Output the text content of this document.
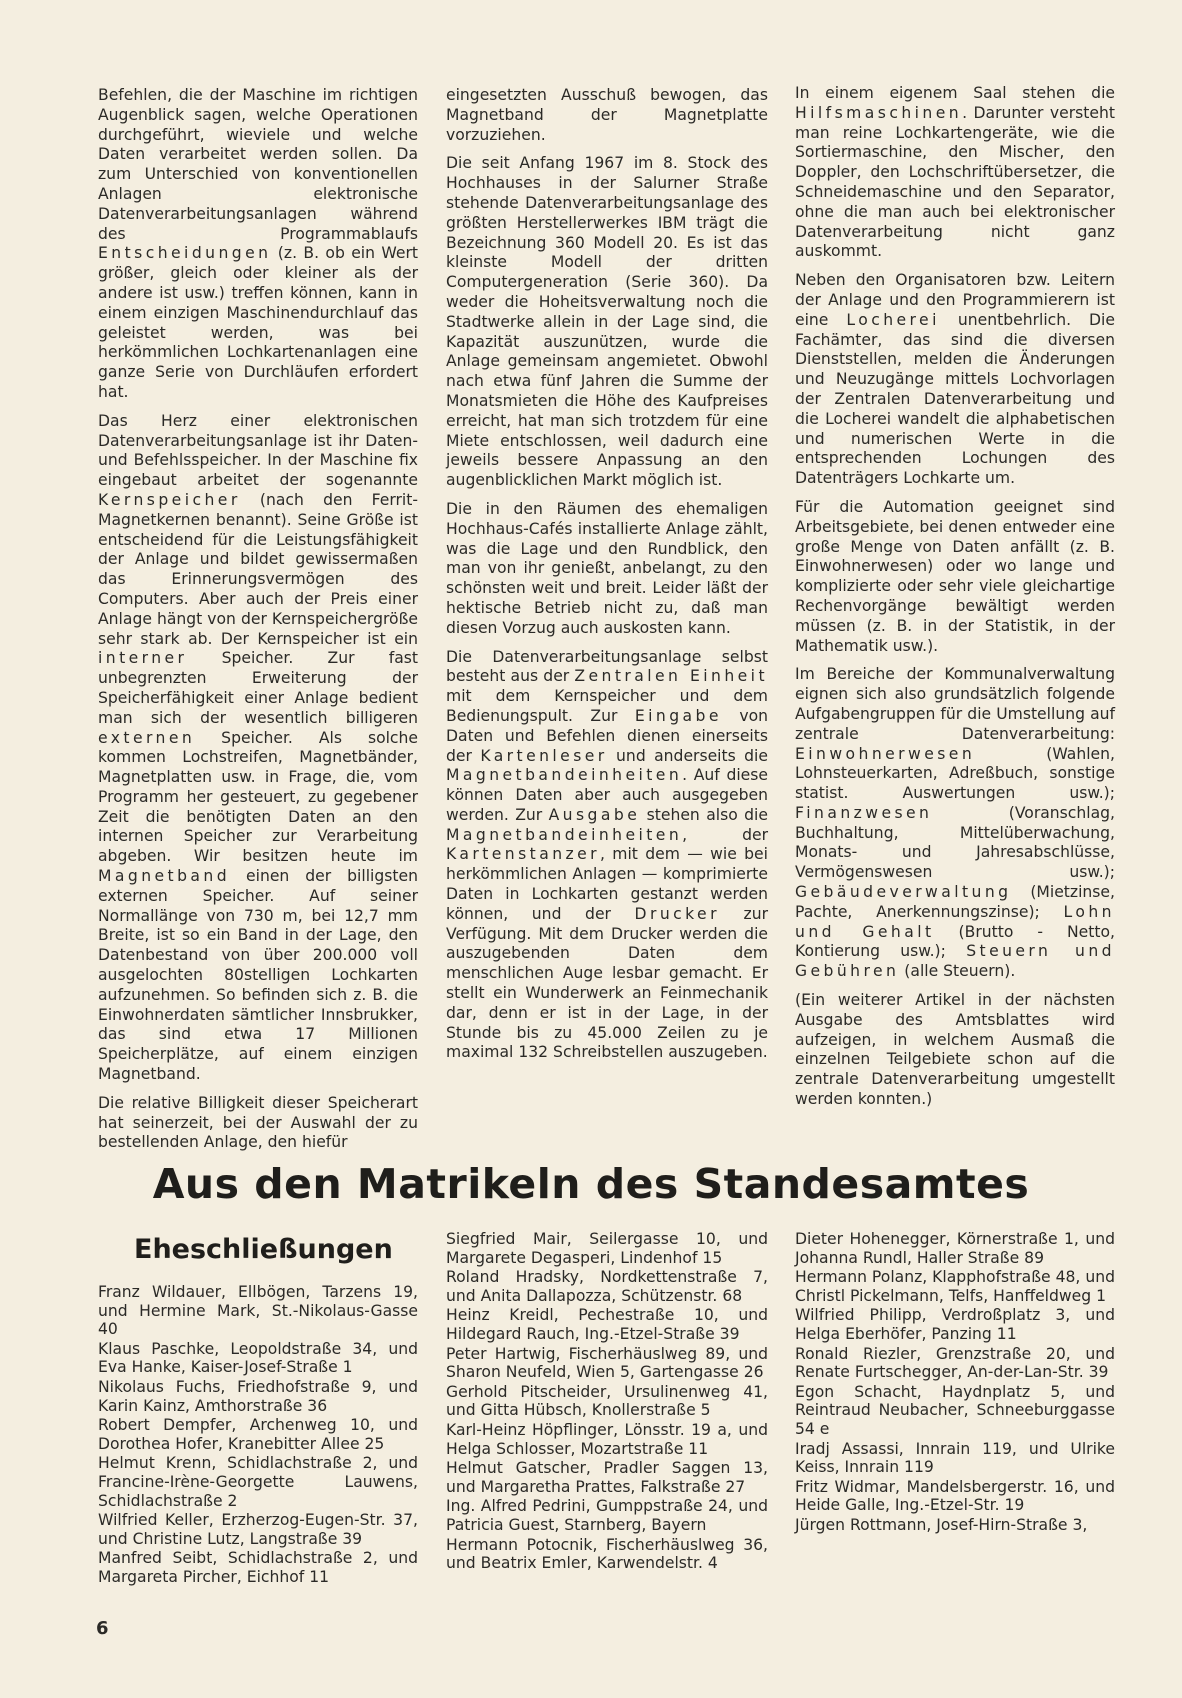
Befehlen, die der Maschine im richtigen Augenblick sagen, welche Operationen durchgeführt, wieviele und welche Daten verarbeitet werden sollen. Da zum Unterschied von konventionellen Anlagen elektronische Datenverarbeitungsanlagen während des Programmablaufs Entscheidungen (z. B. ob ein Wert größer, gleich oder kleiner als der andere ist usw.) treffen können, kann in einem einzigen Maschinendurchlauf das geleistet werden, was bei herkömmlichen Lochkartenanlagen eine ganze Serie von Durchläufen erfordert hat.

Das Herz einer elektronischen Datenverarbeitungsanlage ist ihr Daten- und Befehlsspeicher. In der Maschine fix eingebaut arbeitet der sogenannte Kernspeicher (nach den Ferrit-Magnetkernen benannt). Seine Größe ist entscheidend für die Leistungsfähigkeit der Anlage und bildet gewissermaßen das Erinnerungsvermögen des Computers. Aber auch der Preis einer Anlage hängt von der Kernspeichergröße sehr stark ab. Der Kernspeicher ist ein interner Speicher. Zur fast unbegrenzten Erweiterung der Speicherfähigkeit einer Anlage bedient man sich der wesentlich billigeren externen Speicher. Als solche kommen Lochstreifen, Magnetbänder, Magnetplatten usw. in Frage, die, vom Programm her gesteuert, zu gegebener Zeit die benötigten Daten an den internen Speicher zur Verarbeitung abgeben. Wir besitzen heute im Magnetband einen der billigsten externen Speicher. Auf seiner Normallänge von 730 m, bei 12,7 mm Breite, ist so ein Band in der Lage, den Datenbestand von über 200.000 voll ausgelochten 80stelligen Lochkarten aufzunehmen. So befinden sich z. B. die Einwohnerdaten sämtlicher Innsbrukker, das sind etwa 17 Millionen Speicherplätze, auf einem einzigen Magnetband.

Die relative Billigkeit dieser Speicherart hat seinerzeit, bei der Auswahl der zu bestellenden Anlage, den hiefür

eingesetzten Ausschuß bewogen, das Magnetband der Magnetplatte vorzuziehen.

Die seit Anfang 1967 im 8. Stock des Hochhauses in der Salurner Straße stehende Datenverarbeitungsanlage des größten Herstellerwerkes IBM trägt die Bezeichnung 360 Modell 20. Es ist das kleinste Modell der dritten Computergeneration (Serie 360). Da weder die Hoheitsverwaltung noch die Stadtwerke allein in der Lage sind, die Kapazität auszunützen, wurde die Anlage gemeinsam angemietet. Obwohl nach etwa fünf Jahren die Summe der Monatsmieten die Höhe des Kaufpreises erreicht, hat man sich trotzdem für eine Miete entschlossen, weil dadurch eine jeweils bessere Anpassung an den augenblicklichen Markt möglich ist.

Die in den Räumen des ehemaligen Hochhaus-Cafés installierte Anlage zählt, was die Lage und den Rundblick, den man von ihr genießt, anbelangt, zu den schönsten weit und breit. Leider läßt der hektische Betrieb nicht zu, daß man diesen Vorzug auch auskosten kann.

Die Datenverarbeitungsanlage selbst besteht aus der Zentralen Einheit mit dem Kernspeicher und dem Bedienungspult. Zur Eingabe von Daten und Befehlen dienen einerseits der Kartenleser und anderseits die Magnetbandeinheiten. Auf diese können Daten aber auch ausgegeben werden. Zur Ausgabe stehen also die Magnetbandeinheiten, der Kartenstanzer, mit dem — wie bei herkömmlichen Anlagen — komprimierte Daten in Lochkarten gestanzt werden können, und der Drucker zur Verfügung. Mit dem Drucker werden die auszugebenden Daten dem menschlichen Auge lesbar gemacht. Er stellt ein Wunderwerk an Feinmechanik dar, denn er ist in der Lage, in der Stunde bis zu 45.000 Zeilen zu je maximal 132 Schreibstellen auszugeben.

In einem eigenem Saal stehen die Hilfsmaschinen. Darunter versteht man reine Lochkartengeräte, wie die Sortiermaschine, den Mischer, den Doppler, den Lochschriftübersetzer, die Schneidemaschine und den Separator, ohne die man auch bei elektronischer Datenverarbeitung nicht ganz auskommt.

Neben den Organisatoren bzw. Leitern der Anlage und den Programmierern ist eine Locherei unentbehrlich. Die Fachämter, das sind die diversen Dienststellen, melden die Änderungen und Neuzugänge mittels Lochvorlagen der Zentralen Datenverarbeitung und die Locherei wandelt die alphabetischen und numerischen Werte in die entsprechenden Lochungen des Datenträgers Lochkarte um.

Für die Automation geeignet sind Arbeitsgebiete, bei denen entweder eine große Menge von Daten anfällt (z. B. Einwohnerwesen) oder wo lange und komplizierte oder sehr viele gleichartige Rechenvorgänge bewältigt werden müssen (z. B. in der Statistik, in der Mathematik usw.).

Im Bereiche der Kommunalverwaltung eignen sich also grundsätzlich folgende Aufgabengruppen für die Umstellung auf zentrale Datenverarbeitung: Einwohnerwesen (Wahlen, Lohnsteuerkarten, Adreßbuch, sonstige statist. Auswertungen usw.); Finanzwesen (Voranschlag, Buchhaltung, Mittelüberwachung, Monats- und Jahresabschlüsse, Vermögenswesen usw.); Gebäudeverwaltung (Mietzinse, Pachte, Anerkennungszinse); Lohn und Gehalt (Brutto - Netto, Kontierung usw.); Steuern und Gebühren (alle Steuern).

(Ein weiterer Artikel in der nächsten Ausgabe des Amtsblattes wird aufzeigen, in welchem Ausmaß die einzelnen Teilgebiete schon auf die zentrale Datenverarbeitung umgestellt werden konnten.)

Aus den Matrikeln des Standesamtes
Eheschließungen
Franz Wildauer, Ellbögen, Tarzens 19, und Hermine Mark, St.-Nikolaus-Gasse 40
Klaus Paschke, Leopoldstraße 34, und Eva Hanke, Kaiser-Josef-Straße 1
Nikolaus Fuchs, Friedhofstraße 9, und Karin Kainz, Amthorstraße 36
Robert Dempfer, Archenweg 10, und Dorothea Hofer, Kranebitter Allee 25
Helmut Krenn, Schidlachstraße 2, und Francine-Irène-Georgette Lauwens, Schidlachstraße 2
Wilfried Keller, Erzherzog-Eugen-Str. 37, und Christine Lutz, Langstraße 39
Manfred Seibt, Schidlachstraße 2, und Margareta Pircher, Eichhof 11
Siegfried Mair, Seilergasse 10, und Margarete Degasperi, Lindenhof 15
Roland Hradsky, Nordkettenstraße 7, und Anita Dallapozza, Schützenstr. 68
Heinz Kreidl, Pechestraße 10, und Hildegard Rauch, Ing.-Etzel-Straße 39
Peter Hartwig, Fischerhäuslweg 89, und Sharon Neufeld, Wien 5, Gartengasse 26
Gerhold Pitscheider, Ursulinenweg 41, und Gitta Hübsch, Knollerstraße 5
Karl-Heinz Höpflinger, Lönsstr. 19 a, und Helga Schlosser, Mozartstraße 11
Helmut Gatscher, Pradler Saggen 13, und Margaretha Prattes, Falkstraße 27
Ing. Alfred Pedrini, Gumppstraße 24, und Patricia Guest, Starnberg, Bayern
Hermann Potocnik, Fischerhäuslweg 36, und Beatrix Emler, Karwendelstr. 4
Dieter Hohenegger, Körnerstraße 1, und Johanna Rundl, Haller Straße 89
Hermann Polanz, Klapphofstraße 48, und Christl Pickelmann, Telfs, Hanffeldweg 1
Wilfried Philipp, Verdroßplatz 3, und Helga Eberhöfer, Panzing 11
Ronald Riezler, Grenzstraße 20, und Renate Furtschegger, An-der-Lan-Str. 39
Egon Schacht, Haydnplatz 5, und Reintraud Neubacher, Schneeburggasse 54 e
Iradj Assassi, Innrain 119, und Ulrike Keiss, Innrain 119
Fritz Widmar, Mandelsbergerstr. 16, und Heide Galle, Ing.-Etzel-Str. 19
Jürgen Rottmann, Josef-Hirn-Straße 3,

6
